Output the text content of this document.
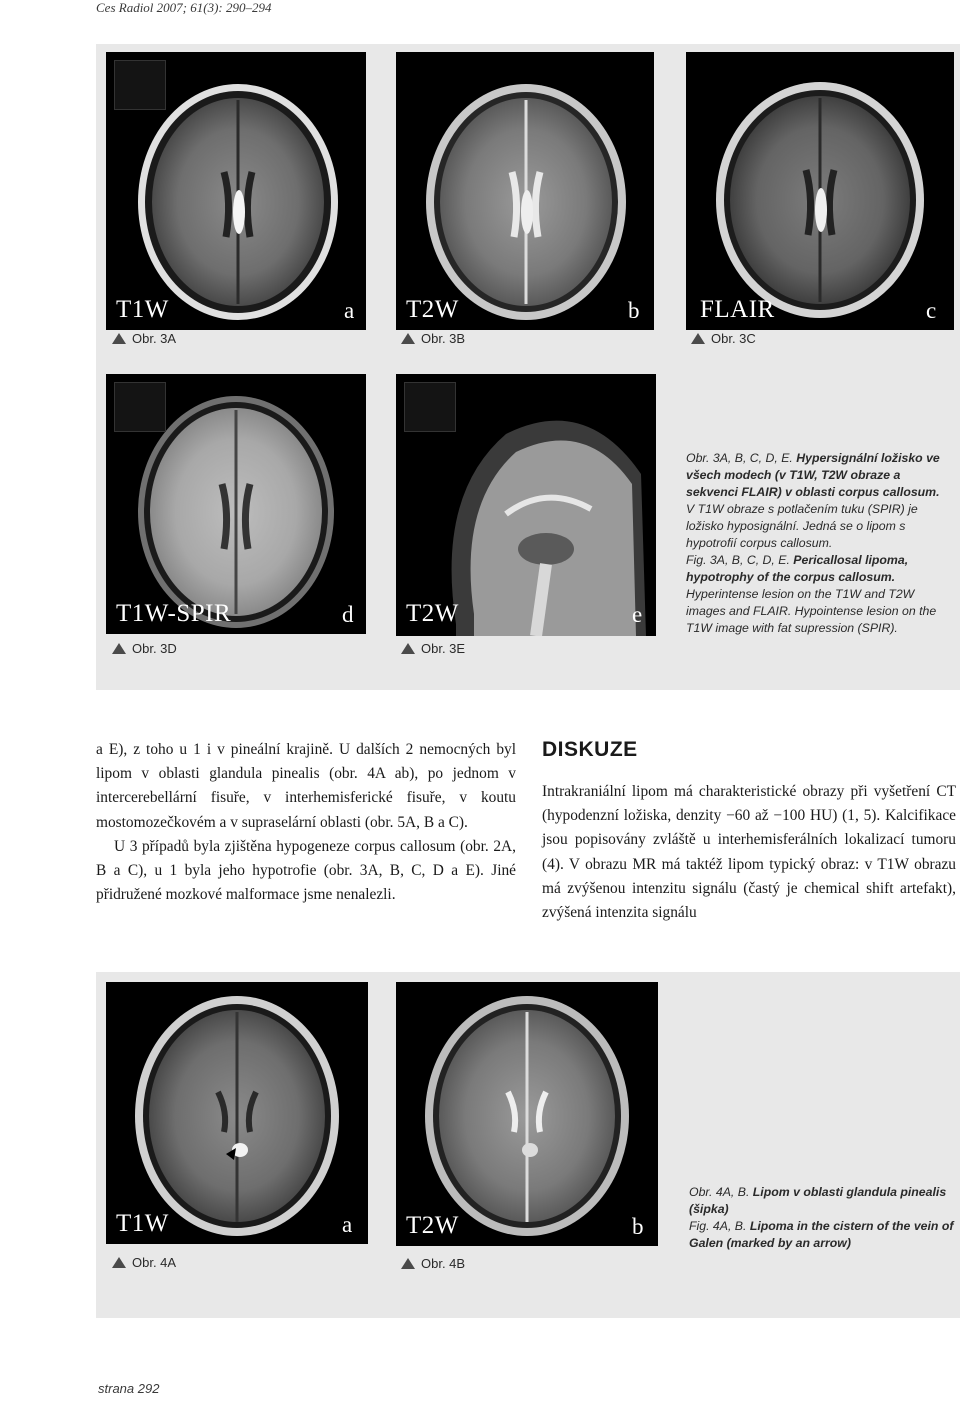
Ces Radiol 2007; 61(3): 290–294
T1W	a
Obr. 3A
T2W	b
Obr. 3B
FLAIR	c
Obr. 3C
T1W-SPIR	d
Obr. 3D
T2W	e
Obr. 3E

Obr. 3A, B, C, D, E. Hypersignální ložisko ve všech modech (v T1W, T2W obraze a sekvenci FLAIR) v oblasti corpus callosum. V T1W obraze s potlačením tuku (SPIR) je ložisko hyposignální. Jedná se o lipom s hypotrofií corpus callosum.

Fig. 3A, B, C, D, E. Pericallosal lipoma, hypotrophy of the corpus callosum. Hyperintense lesion on the T1W and T2W images and FLAIR. Hypointense lesion on the T1W image with fat supression (SPIR).

a E), z toho u 1 i v pineální krajině. U dalších 2 nemocných byl lipom v oblasti glandula pinealis (obr. 4A ab), po jednom v intercerebellární fisuře, v interhemisferické fisuře, v koutu mostomozečkovém a v supraselární oblasti (obr. 5A, B a C).

U 3 případů byla zjištěna hypogeneze corpus callosum (obr. 2A, B a C), u 1 byla jeho hypotrofie (obr. 3A, B, C, D a E). Jiné přidružené mozkové malformace jsme nenalezli.

DISKUZE

Intrakraniální lipom má charakteristické obrazy při vyšetření CT (hypodenzní ložiska, denzity −60 až −100 HU) (1, 5). Kalcifikace jsou popisovány zvláště u interhemisferálních lokalizací tumoru (4). V obrazu MR má taktéž lipom typický obraz: v T1W obrazu má zvýšenou intenzitu signálu (častý je chemical shift artefakt), zvýšená intenzita signálu

T1W	a
Obr. 4A
T2W	b
Obr. 4B

Obr. 4A, B. Lipom v oblasti glandula pinealis (šipka)

Fig. 4A, B. Lipoma in the cistern of the vein of Galen (marked by an arrow)

strana 292
